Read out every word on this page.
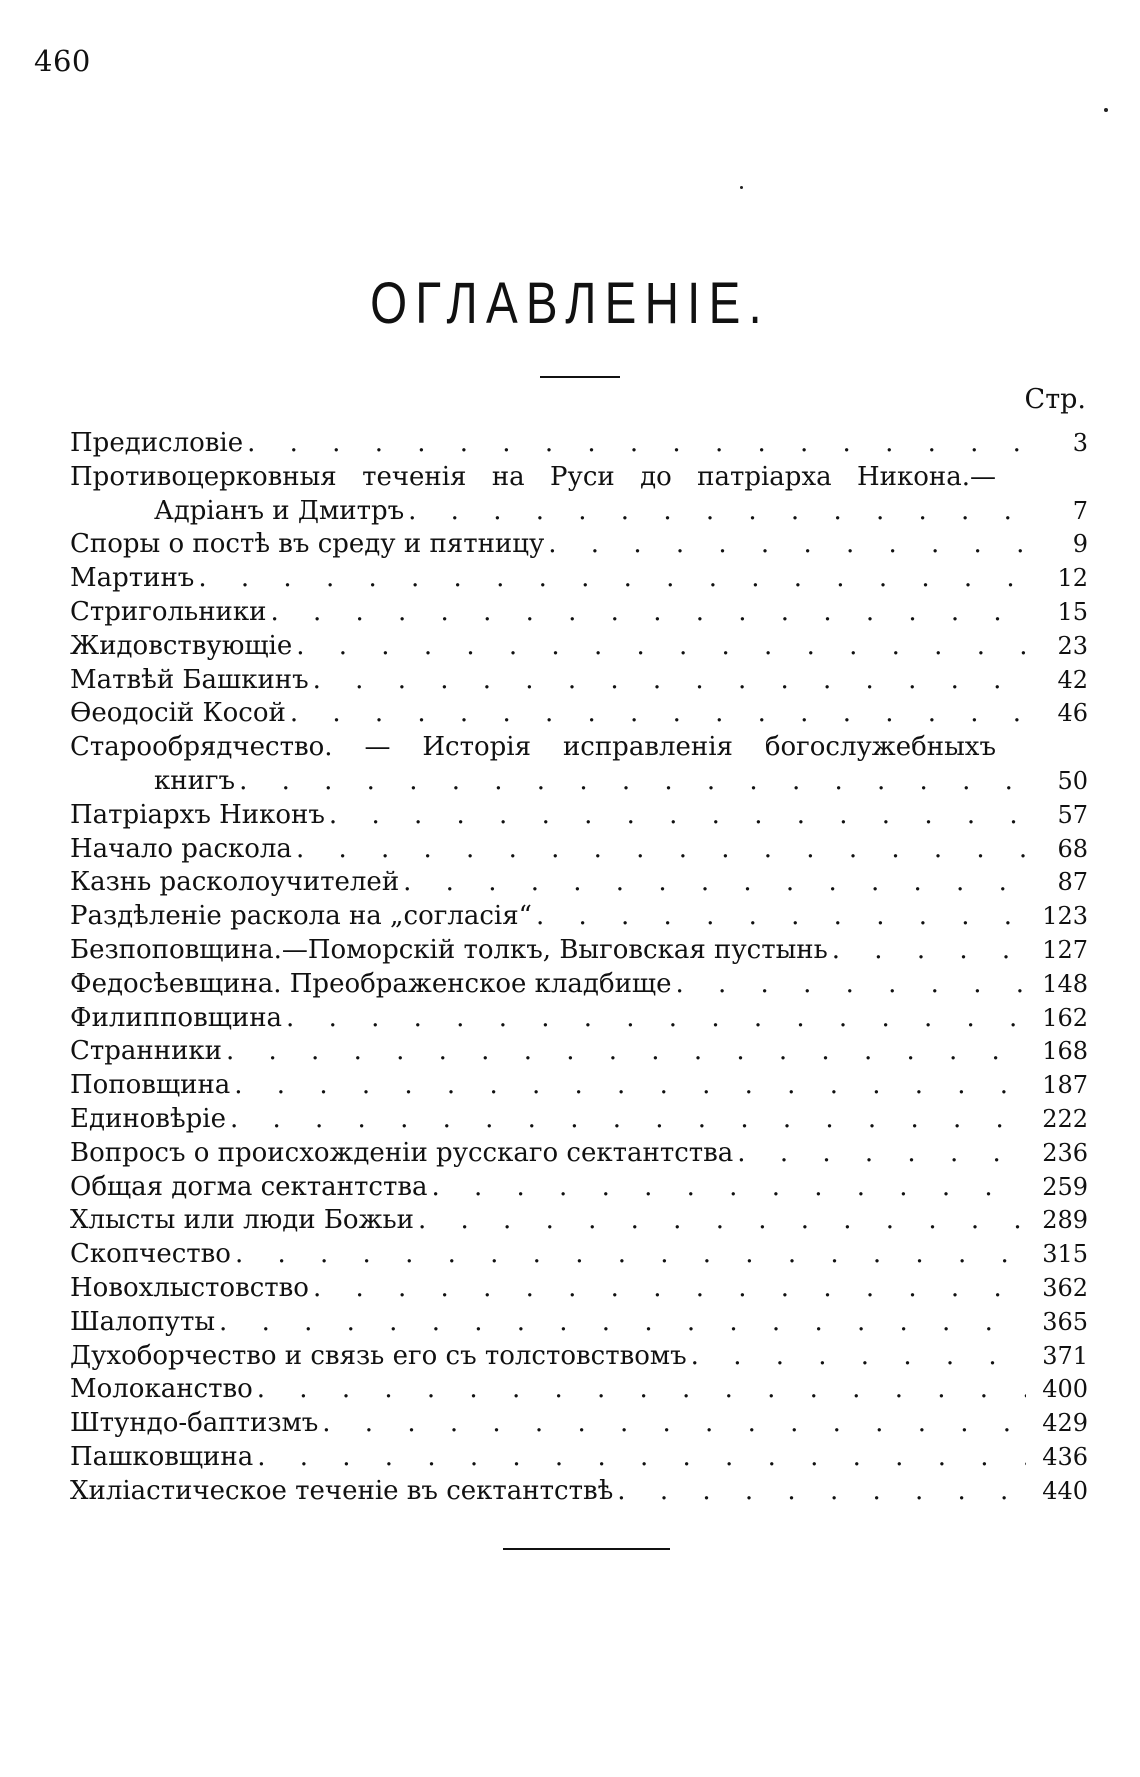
460
ОГЛАВЛЕНІЕ.
Стр.
Предисловіе . . .	3
Противоцерковныя теченія на Руси до патріарха Никона.—
Адріанъ и Дмитръ . . .	7
Споры о постѣ въ среду и пятницу . . .	9
Мартинъ . . .	12
Стригольники . . .	15
Жидовствующіе . . .	23
Матвѣй Башкинъ . . .	42
Ѳеодосій Косой . . .	46
Старообрядчество. — Исторія исправленія богослужебныхъ
книгъ . . .	50
Патріархъ Никонъ . . .	57
Начало раскола . . .	68
Казнь расколоучителей . . .	87
Раздѣленіе раскола на „согласія“ . . .	123
Безпоповщина.—Поморскій толкъ, Выговская пустынь . . .	127
Федосѣевщина. Преображенское кладбище . . .	148
Филипповщина . . .	162
Странники . . .	168
Поповщина . . .	187
Единовѣріе . . .	222
Вопросъ о происхожденіи русскаго сектантства . . .	236
Общая догма сектантства . . .	259
Хлысты или люди Божьи . . .	289
Скопчество . . .	315
Новохлыстовство . . .	362
Шалопуты . . .	365
Духоборчество и связь его съ толстовствомъ . . .	371
Молоканство . . .	400
Штундо-баптизмъ . . .	429
Пашковщина . . .	436
Хиліастическое теченіе въ сектантствѣ . . .	440
